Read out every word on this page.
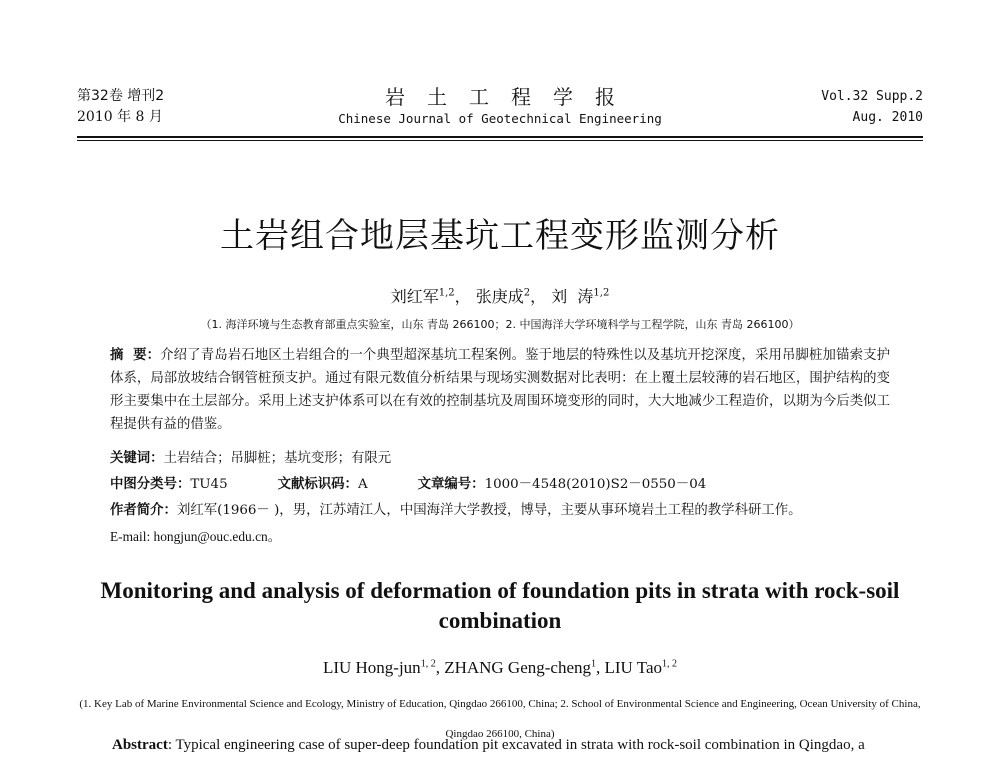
第32卷 增刊2
2010 年 8 月
岩土工程学报
Chinese Journal of Geotechnical Engineering
Vol.32 Supp.2
Aug. 2010
土岩组合地层基坑工程变形监测分析
刘红军$^{1,2}$， 张庚成$^2$， 刘  涛$^{1,2}$
（1. 海洋环境与生态教育部重点实验室，山东 青岛 266100；2. 中国海洋大学环境科学与工程学院，山东 青岛 266100）
摘  要：介绍了青岛岩石地区土岩组合的一个典型超深基坑工程案例。鉴于地层的特殊性以及基坑开挖深度，采用吊脚桩加锚索支护体系，局部放坡结合钢管桩预支护。通过有限元数值分析结果与现场实测数据对比表明：在上覆土层较薄的岩石地区，围护结构的变形主要集中在土层部分。采用上述支护体系可以在有效的控制基坑及周围环境变形的同时，大大地减少工程造价，以期为今后类似工程提供有益的借鉴。
关键词：土岩结合；吊脚桩；基坑变形；有限元
中图分类号：TU45	文献标识码：A	文章编号：1000－4548(2010)S2－0550－04
作者简介：刘红军(1966－ )，男，江苏靖江人，中国海洋大学教授，博导，主要从事环境岩土工程的教学科研工作。
E-mail: hongjun@ouc.edu.cn。
Monitoring and analysis of deformation of foundation pits in strata with rock-soil combination
LIU Hong-jun$^{1, 2}$, ZHANG Geng-cheng$^1$, LIU Tao$^{1, 2}$
(1. Key Lab of Marine Environmental Science and Ecology, Ministry of Education, Qingdao 266100, China; 2. School of Environmental Science and Engineering, Ocean University of China, Qingdao 266100, China)
Abstract: Typical engineering case of super-deep foundation pit excavated in strata with rock-soil combination in Qingdao, a
